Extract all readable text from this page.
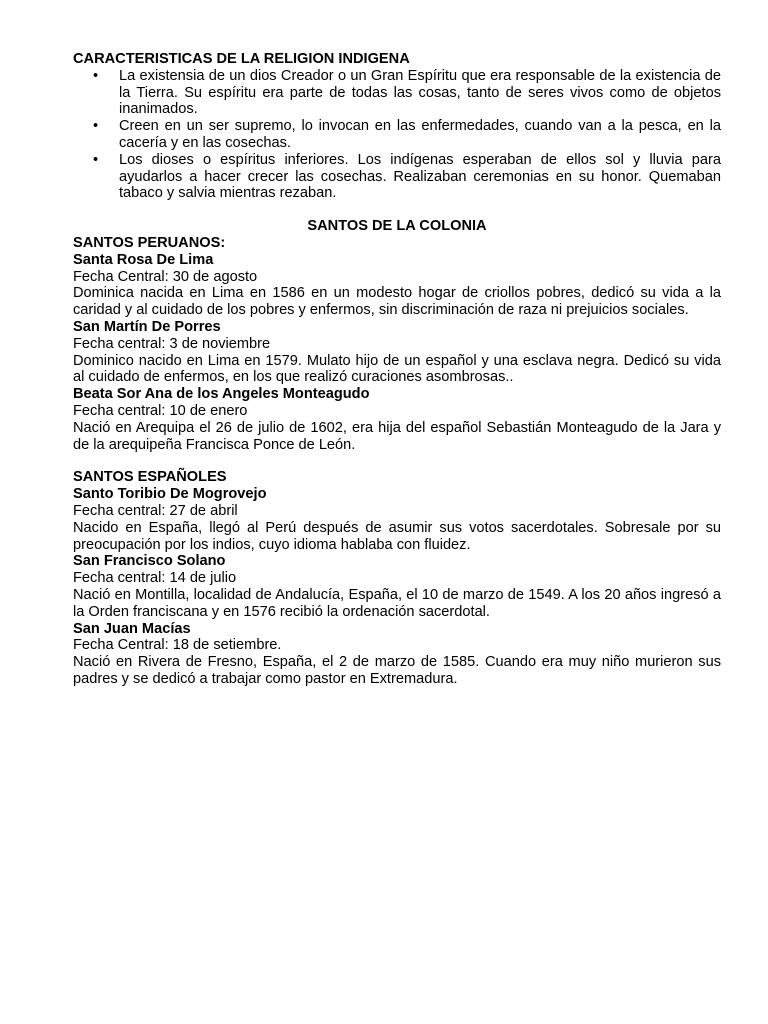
CARACTERISTICAS DE LA RELIGION INDIGENA

• La existensia de un dios Creador o un Gran Espíritu que era responsable de la existencia de la Tierra. Su espíritu era parte de todas las cosas, tanto de seres vivos como de objetos inanimados.
• Creen en un ser supremo, lo invocan en las enfermedades, cuando van a la pesca, en la cacería y en las cosechas.
• Los dioses o espíritus inferiores. Los indígenas esperaban de ellos sol y lluvia para ayudarlos a hacer crecer las cosechas. Realizaban ceremonias en su honor. Quemaban tabaco y salvia mientras rezaban.

SANTOS DE LA COLONIA

SANTOS PERUANOS:

Santa Rosa De Lima

Fecha Central: 30 de agosto

Dominica nacida en Lima en 1586 en un modesto hogar de criollos pobres, dedicó su vida a la caridad y al cuidado de los pobres y enfermos, sin discriminación de raza ni prejuicios sociales.

San Martín De Porres

Fecha central: 3 de noviembre

Dominico nacido en Lima en 1579. Mulato hijo de un español y una esclava negra. Dedicó su vida al cuidado de enfermos, en los que realizó curaciones asombrosas..

Beata Sor Ana de los Angeles Monteagudo

Fecha central: 10 de enero

Nació en Arequipa el 26 de julio de 1602, era hija del español Sebastián Monteagudo de la Jara y de la arequipeña Francisca Ponce de León.

SANTOS ESPAÑOLES

Santo Toribio De Mogrovejo

Fecha central: 27 de abril

Nacido en España, llegó al Perú después de asumir sus votos sacerdotales. Sobresale por su preocupación por los indios, cuyo idioma hablaba con fluidez.

San Francisco Solano

Fecha central: 14 de julio

Nació en Montilla, localidad de Andalucía, España, el 10 de marzo de 1549. A los 20 años ingresó a la Orden franciscana y en 1576 recibió la ordenación sacerdotal.

San Juan Macías

Fecha Central: 18 de setiembre.

Nació en Rivera de Fresno, España, el 2 de marzo de 1585. Cuando era muy niño murieron sus padres y se dedicó a trabajar como pastor en Extremadura.
